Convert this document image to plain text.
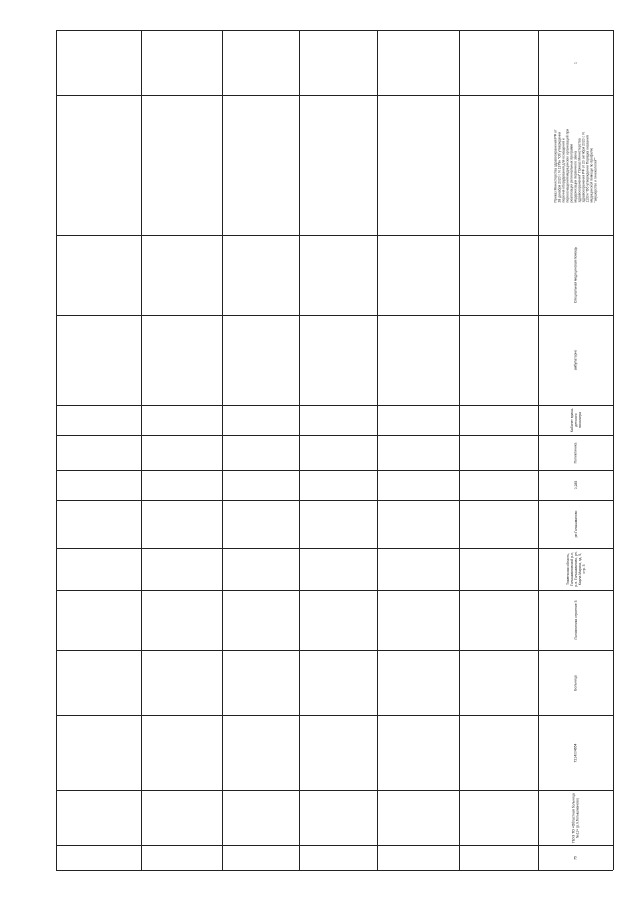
75
ГБУЗ ТО «Областная больница №11» (р.п.Голышманово)
7214004654
Больница
Поликлиника строение 5
Тюменская область, Голышмановский р-н, р.п. Голышманово, ул. Карла Маркса, зд. 5, стр. 5
рп Голышманово
0,285
Поликлиника
Кабинет врача-детского психиатра
амбулаторно
Специальная медицинская помощь
Приказ Министерства здравоохранения РФ от 28 декабря 2020 г. N 1379н "Об утверждении перечня оборудования для оснащения и переоснащения медицинских организаций при реализации региональных программ модернизации первичного звена здравоохранения" Приказ Министерства здравоохранения РФ от 20 октября 2020 г. N 1130н "Об утверждении Порядка оказания медицинской помощи по профилю "акушерство и гинекология""
1
